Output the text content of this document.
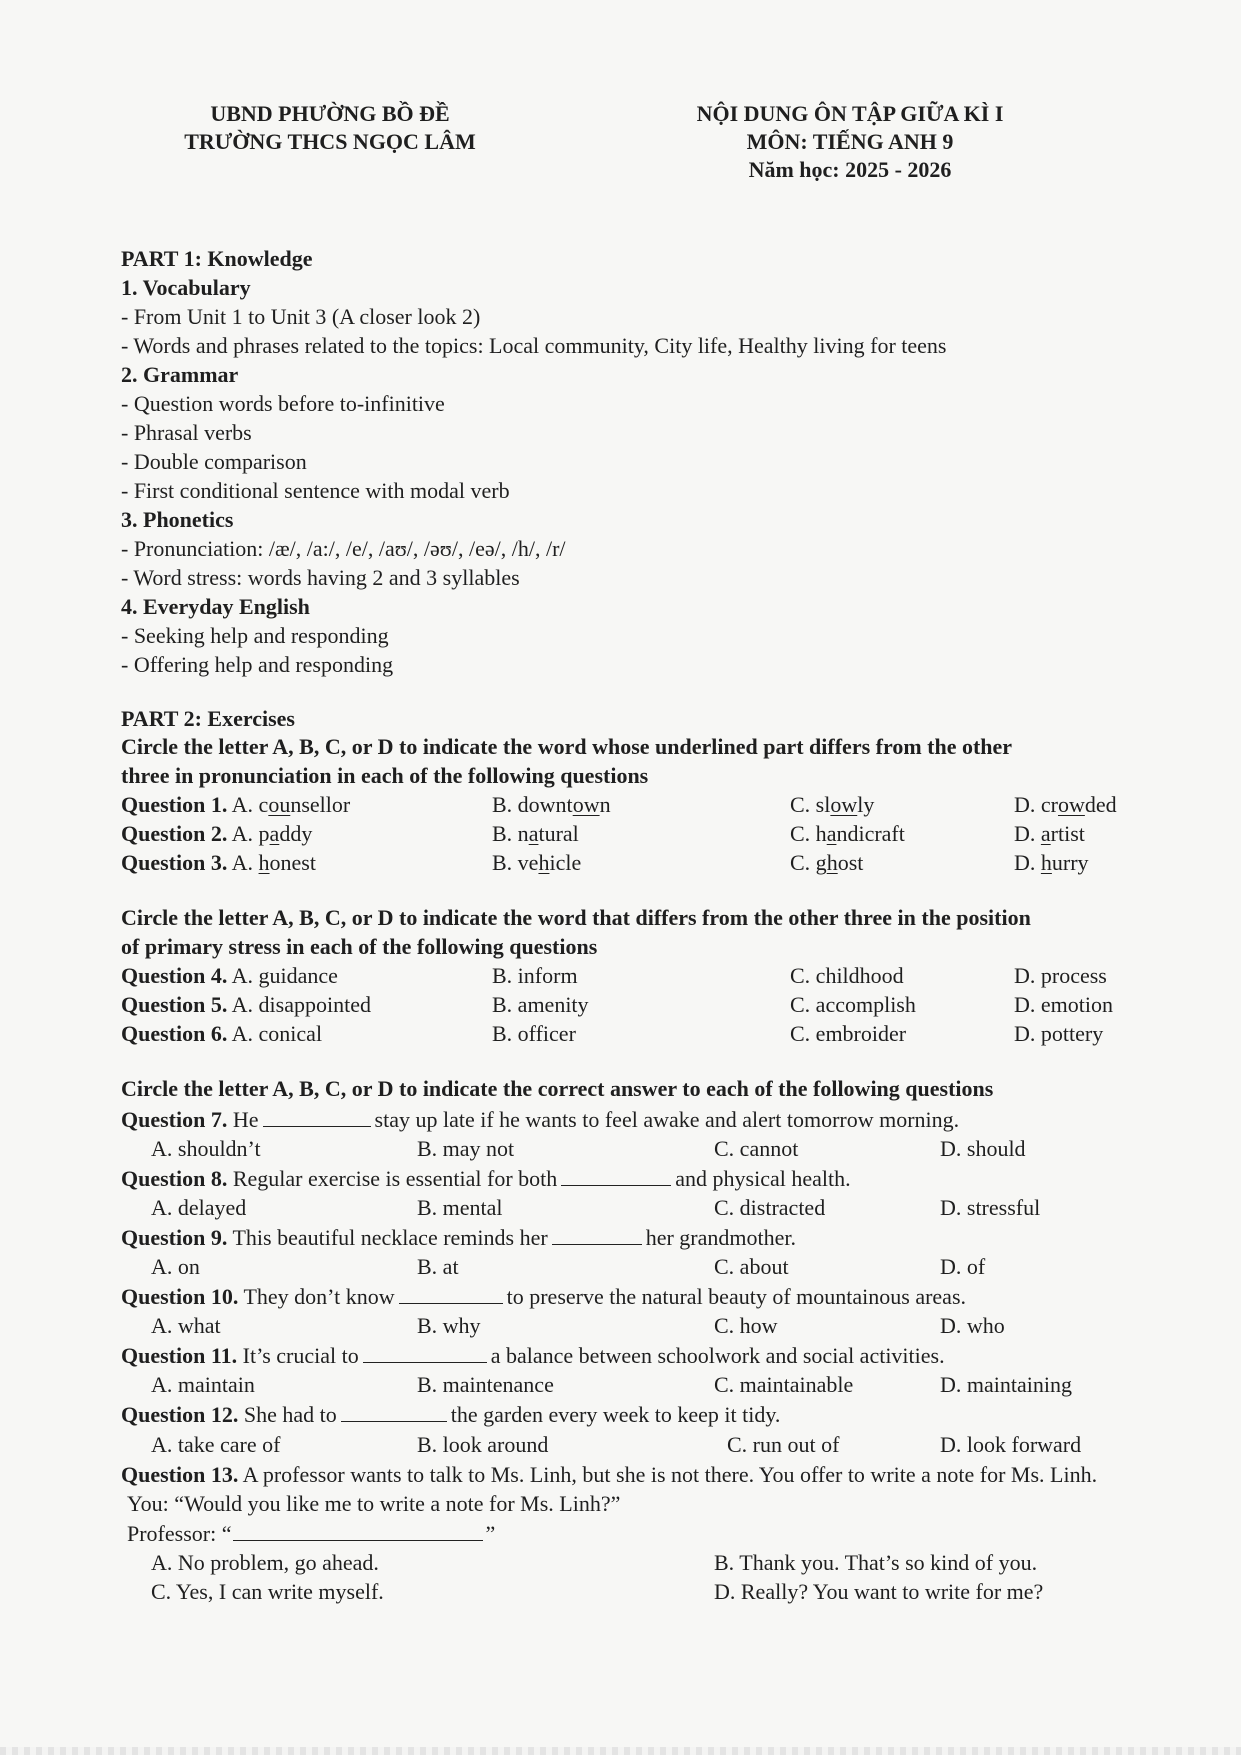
UBND PHƯỜNG BỒ ĐỀ
TRƯỜNG THCS NGỌC LÂM
NỘI DUNG ÔN TẬP GIỮA KÌ I
MÔN: TIẾNG ANH 9
Năm học: 2025 - 2026
PART 1: Knowledge
1. Vocabulary
- From Unit 1 to Unit 3 (A closer look 2)
- Words and phrases related to the topics: Local community, City life, Healthy living for teens
2. Grammar
- Question words before to-infinitive
- Phrasal verbs
- Double comparison
- First conditional sentence with modal verb
3. Phonetics
- Pronunciation: /æ/, /a:/, /e/, /aʊ/, /əʊ/, /eə/, /h/, /r/
- Word stress: words having 2 and 3 syllables
4. Everyday English
- Seeking help and responding
- Offering help and responding
PART 2: Exercises
Circle the letter A, B, C, or D to indicate the word whose underlined part differs from the other
three in pronunciation in each of the following questions
Question 1. A. counsellor	B. downtown	C. slowly	D. crowded
Question 2. A. paddy	B. natural	C. handicraft	D. artist
Question 3. A. honest	B. vehicle	C. ghost	D. hurry
Circle the letter A, B, C, or D to indicate the word that differs from the other three in the position
of primary stress in each of the following questions
Question 4. A. guidance	B. inform	C. childhood	D. process
Question 5. A. disappointed	B. amenity	C. accomplish	D. emotion
Question 6. A. conical	B. officer	C. embroider	D. pottery
Circle the letter A, B, C, or D to indicate the correct answer to each of the following questions
Question 7. He	stay up late if he wants to feel awake and alert tomorrow morning.
A. shouldn’t	B. may not	C. cannot	D. should
Question 8. Regular exercise is essential for both	and physical health.
A. delayed	B. mental	C. distracted	D. stressful
Question 9. This beautiful necklace reminds her	her grandmother.
A. on	B. at	C. about	D. of
Question 10. They don’t know	to preserve the natural beauty of mountainous areas.
A. what	B. why	C. how	D. who
Question 11. It’s crucial to	a balance between schoolwork and social activities.
A. maintain	B. maintenance	C. maintainable	D. maintaining
Question 12. She had to	the garden every week to keep it tidy.
A. take care of	B. look around	C. run out of	D. look forward
Question 13. A professor wants to talk to Ms. Linh, but she is not there. You offer to write a note for Ms. Linh.
You: “Would you like me to write a note for Ms. Linh?”
Professor: “	”
A. No problem, go ahead.	B. Thank you. That’s so kind of you.
C. Yes, I can write myself.	D. Really? You want to write for me?
